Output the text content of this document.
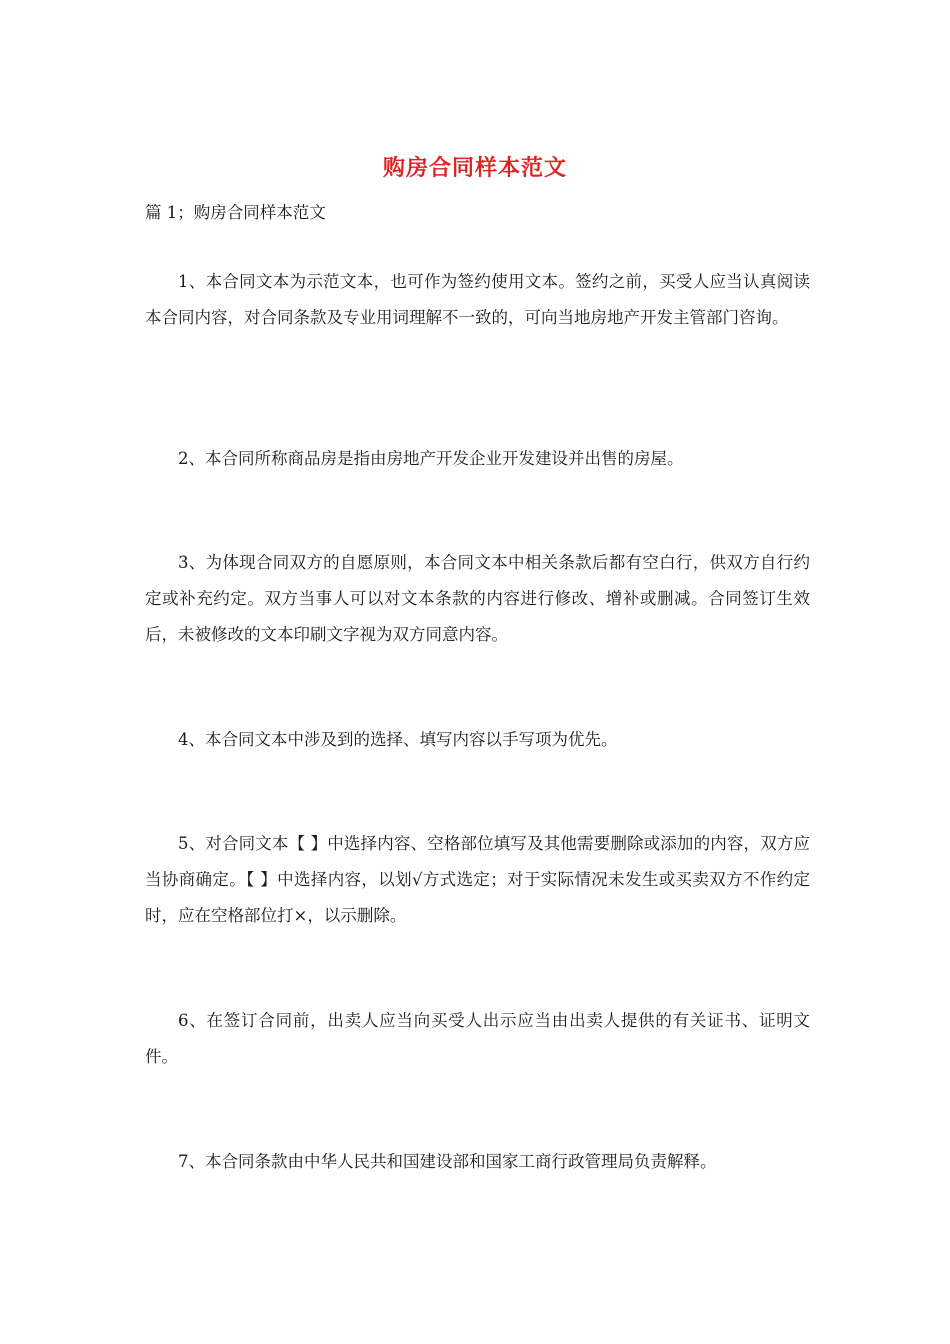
购房合同样本范文
篇 1；购房合同样本范文

1、本合同文本为示范文本，也可作为签约使用文本。签约之前，买受人应当认真阅读本合同内容，对合同条款及专业用词理解不一致的，可向当地房地产开发主管部门咨询。

2、本合同所称商品房是指由房地产开发企业开发建设并出售的房屋。

3、为体现合同双方的自愿原则，本合同文本中相关条款后都有空白行，供双方自行约定或补充约定。双方当事人可以对文本条款的内容进行修改、增补或删减。合同签订生效后，未被修改的文本印刷文字视为双方同意内容。

4、本合同文本中涉及到的选择、填写内容以手写项为优先。

5、对合同文本【 】中选择内容、空格部位填写及其他需要删除或添加的内容，双方应当协商确定。【 】中选择内容，以划√方式选定；对于实际情况未发生或买卖双方不作约定时，应在空格部位打×，以示删除。

6、在签订合同前，出卖人应当向买受人出示应当由出卖人提供的有关证书、证明文件。

7、本合同条款由中华人民共和国建设部和国家工商行政管理局负责解释。
